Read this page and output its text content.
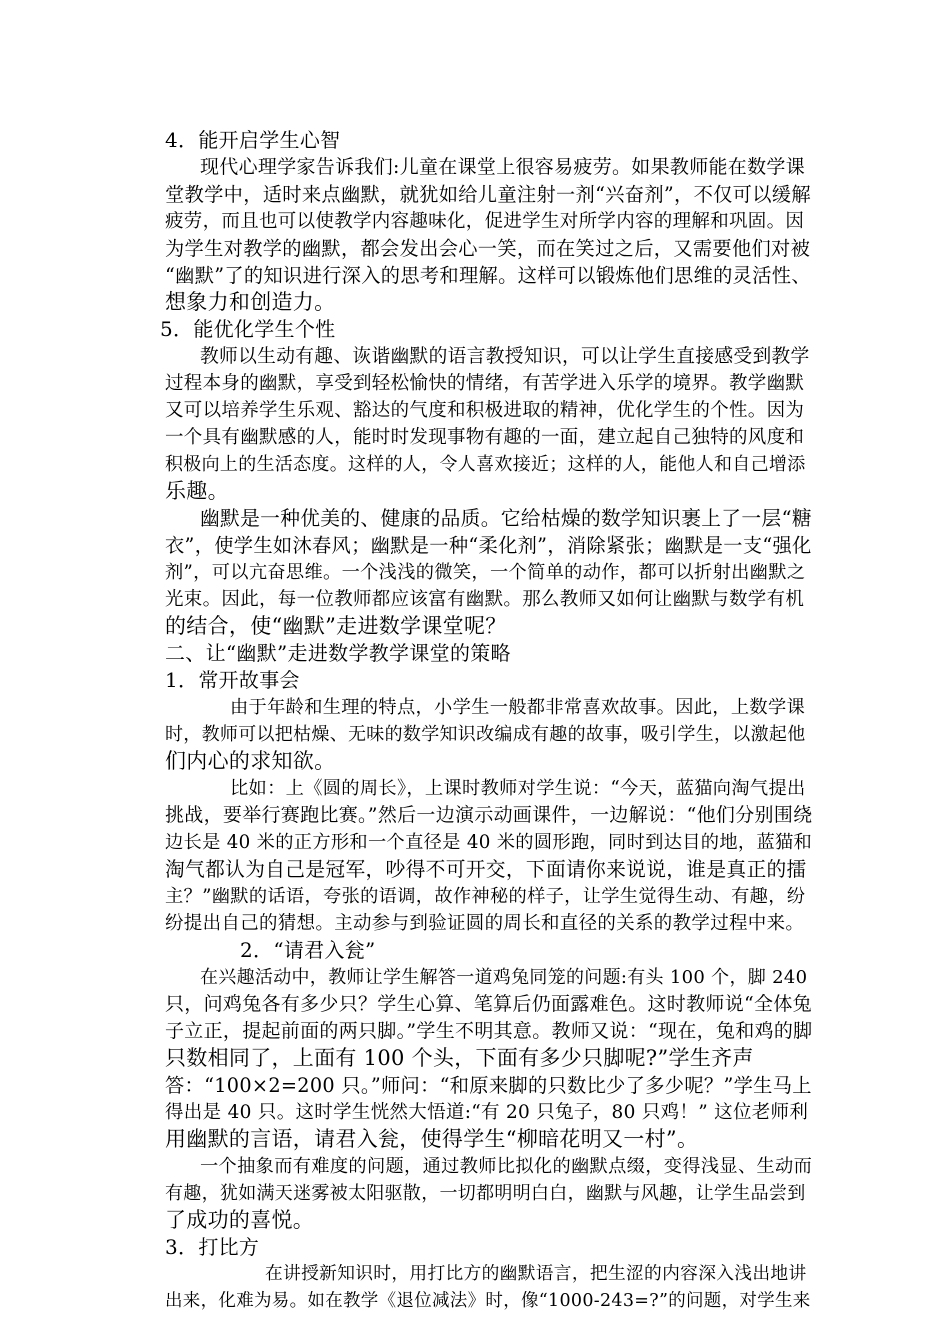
4．能开启学生心智
现代心理学家告诉我们:儿童在课堂上很容易疲劳。如果教师能在数学课
堂教学中，适时来点幽默，就犹如给儿童注射一剂“兴奋剂”，不仅可以缓解
疲劳，而且也可以使教学内容趣味化，促进学生对所学内容的理解和巩固。因
为学生对教学的幽默，都会发出会心一笑，而在笑过之后，又需要他们对被
“幽默”了的知识进行深入的思考和理解。这样可以锻炼他们思维的灵活性、
想象力和创造力。
5．能优化学生个性
教师以生动有趣、诙谐幽默的语言教授知识，可以让学生直接感受到教学
过程本身的幽默，享受到轻松愉快的情绪，有苦学进入乐学的境界。教学幽默
又可以培养学生乐观、豁达的气度和积极进取的精神，优化学生的个性。因为
一个具有幽默感的人，能时时发现事物有趣的一面，建立起自己独特的风度和
积极向上的生活态度。这样的人，令人喜欢接近；这样的人，能他人和自己增添
乐趣。
幽默是一种优美的、健康的品质。它给枯燥的数学知识裹上了一层“糖
衣”，使学生如沐春风；幽默是一种“柔化剂”，消除紧张；幽默是一支“强化
剂”，可以亢奋思维。一个浅浅的微笑，一个简单的动作，都可以折射出幽默之
光束。因此，每一位教师都应该富有幽默。那么教师又如何让幽默与数学有机
的结合，使“幽默”走进数学课堂呢？
二、让“幽默”走进数学教学课堂的策略
1．常开故事会
由于年龄和生理的特点，小学生一般都非常喜欢故事。因此，上数学课
时，教师可以把枯燥、无味的数学知识改编成有趣的故事，吸引学生，以激起他
们内心的求知欲。
比如：上《圆的周长》，上课时教师对学生说：“今天，蓝猫向淘气提出
挑战，要举行赛跑比赛。”然后一边演示动画课件，一边解说：“他们分别围绕
边长是 40 米的正方形和一个直径是 40 米的圆形跑，同时到达目的地，蓝猫和
淘气都认为自己是冠军，吵得不可开交，下面请你来说说，谁是真正的擂
主？”幽默的话语，夸张的语调，故作神秘的样子，让学生觉得生动、有趣，纷
纷提出自己的猜想。主动参与到验证圆的周长和直径的关系的教学过程中来。
2．“请君入瓮”
在兴趣活动中，教师让学生解答一道鸡兔同笼的问题:有头 100 个，脚 240
只，问鸡兔各有多少只？学生心算、笔算后仍面露难色。这时教师说“全体兔
子立正，提起前面的两只脚。”学生不明其意。教师又说：“现在，兔和鸡的脚
只数相同了，上面有 100 个头，下面有多少只脚呢?”学生齐声
答：“100×2=200 只。”师问：“和原来脚的只数比少了多少呢？”学生马上
得出是 40 只。这时学生恍然大悟道:“有 20 只兔子，80 只鸡！” 这位老师利
用幽默的言语，请君入瓮，使得学生“柳暗花明又一村”。
一个抽象而有难度的问题，通过教师比拟化的幽默点缀，变得浅显、生动而
有趣，犹如满天迷雾被太阳驱散，一切都明明白白，幽默与风趣，让学生品尝到
了成功的喜悦。
3．打比方
在讲授新知识时，用打比方的幽默语言，把生涩的内容深入浅出地讲
出来，化难为易。如在教学《退位减法》时，像“1000-243=?”的问题，对学生来
